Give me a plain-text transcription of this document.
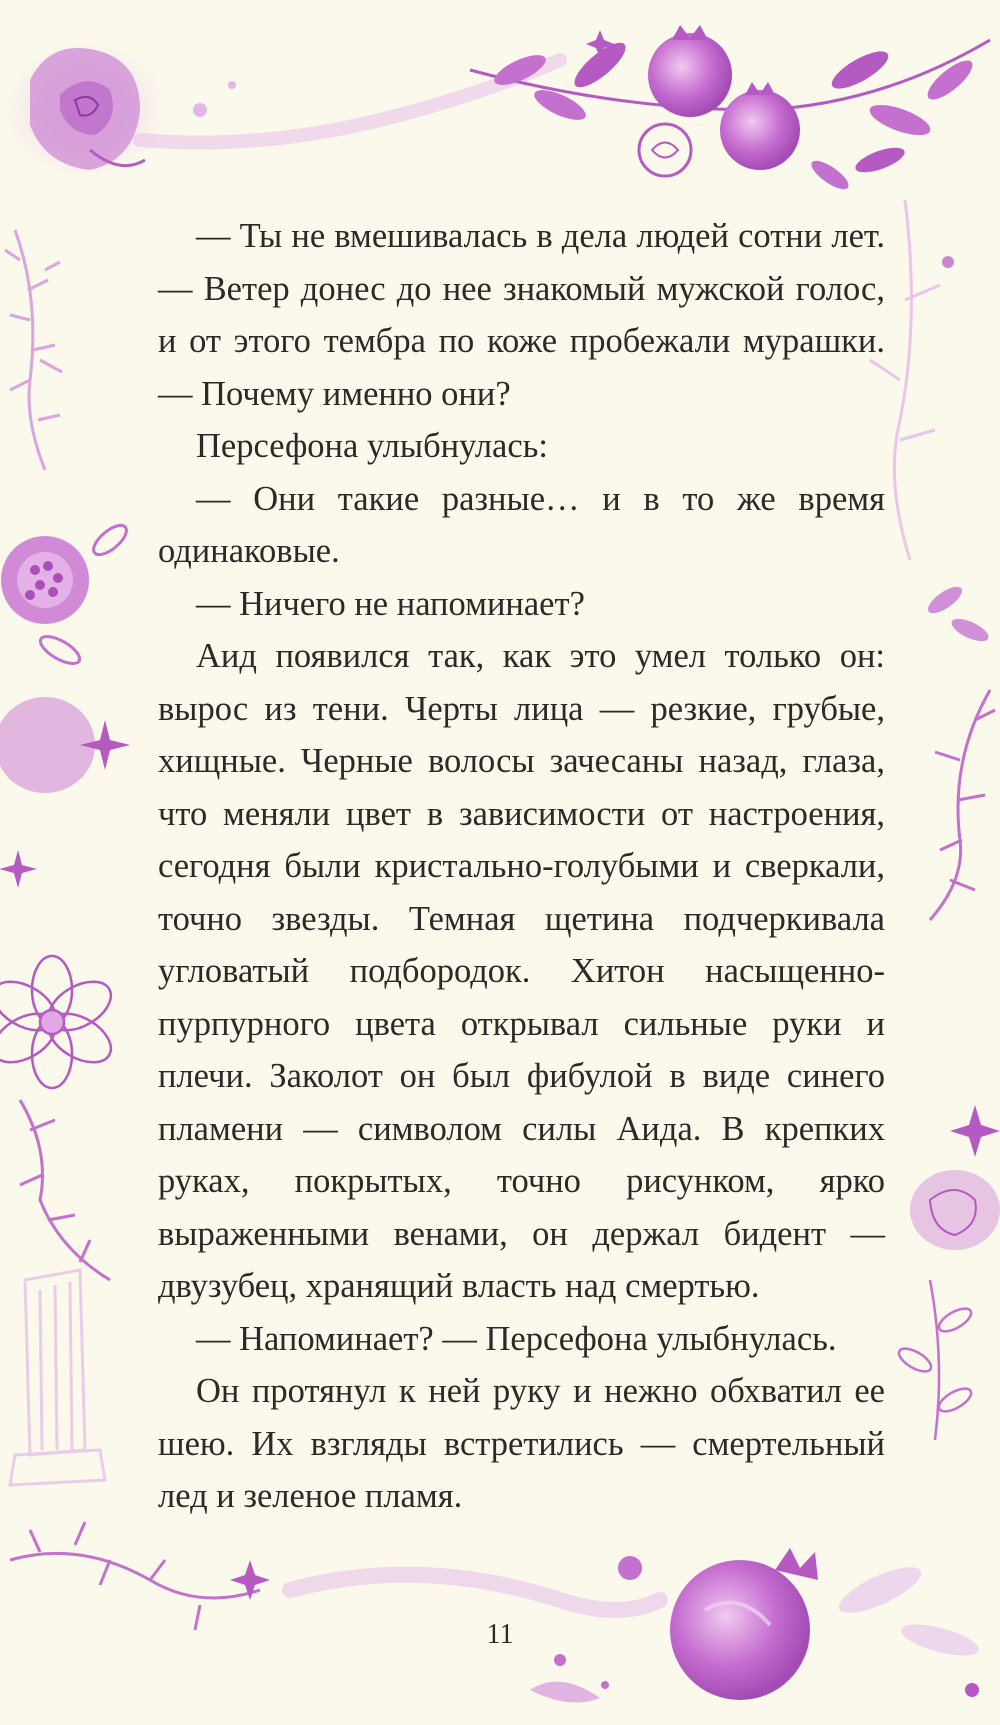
— Ты не вмешивалась в дела людей сотни лет. — Ветер донес до нее знакомый мужской голос, и от этого тембра по коже пробежали мурашки. — Почему именно они?

Персефона улыбнулась:

— Они такие разные… и в то же время одинаковые.

— Ничего не напоминает?

Аид появился так, как это умел только он: вырос из тени. Черты лица — резкие, грубые, хищные. Черные волосы зачесаны назад, глаза, что меняли цвет в зависимости от настроения, сегодня были кристально-голубыми и сверкали, точно звезды. Темная щетина подчеркивала угловатый подбородок. Хитон насыщенно-пурпурного цвета открывал сильные руки и плечи. Заколот он был фибулой в виде синего пламени — символом силы Аида. В крепких руках, покрытых, точно рисунком, ярко выраженными венами, он держал бидент — двузубец, хранящий власть над смертью.

— Напоминает? — Персефона улыбнулась.

Он протянул к ней руку и нежно обхватил ее шею. Их взгляды встретились — смертельный лед и зеленое пламя.

11
